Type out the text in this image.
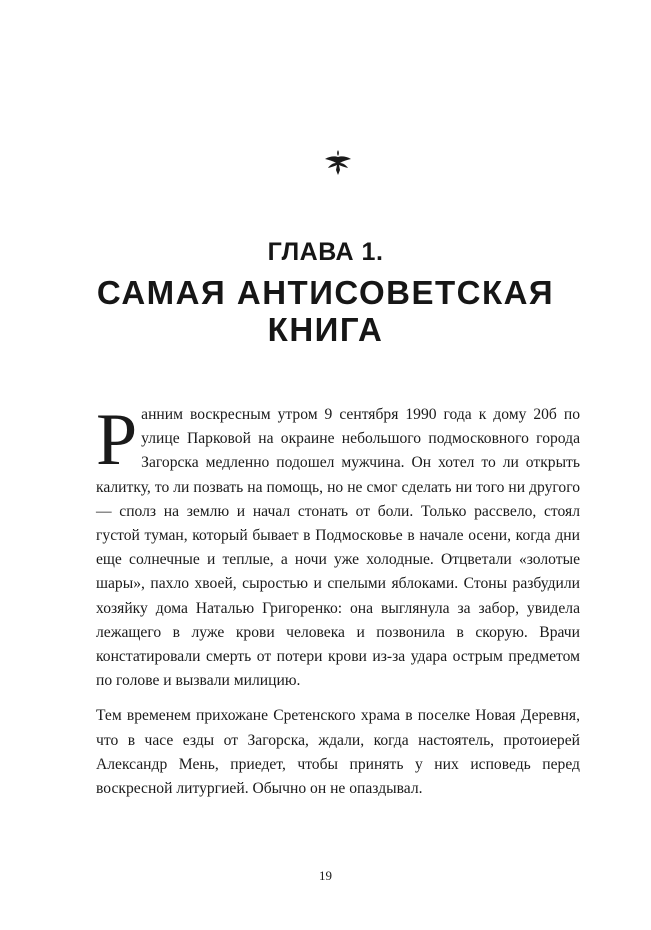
ГЛАВА 1.
САМАЯ АНТИСОВЕТСКАЯ
КНИГА

Ранним воскресным утром 9 сентября 1990 года к дому 20б по улице Парковой на окраине небольшого подмосковного города Загорска медленно подошел мужчина. Он хотел то ли открыть калитку, то ли позвать на помощь, но не смог сделать ни того ни другого — сполз на землю и начал стонать от боли. Только рассвело, стоял густой туман, который бывает в Подмосковье в начале осени, когда дни еще солнечные и теплые, а ночи уже холодные. Отцветали «золотые шары», пахло хвоей, сыростью и спелыми яблоками. Стоны разбудили хозяйку дома Наталью Григоренко: она выглянула за забор, увидела лежащего в луже крови человека и позвонила в скорую. Врачи констатировали смерть от потери крови из-за удара острым предметом по голове и вызвали милицию.

Тем временем прихожане Сретенского храма в поселке Новая Деревня, что в часе езды от Загорска, ждали, когда настоятель, протоиерей Александр Мень, приедет, чтобы принять у них исповедь перед воскресной литургией. Обычно он не опаздывал.

19
